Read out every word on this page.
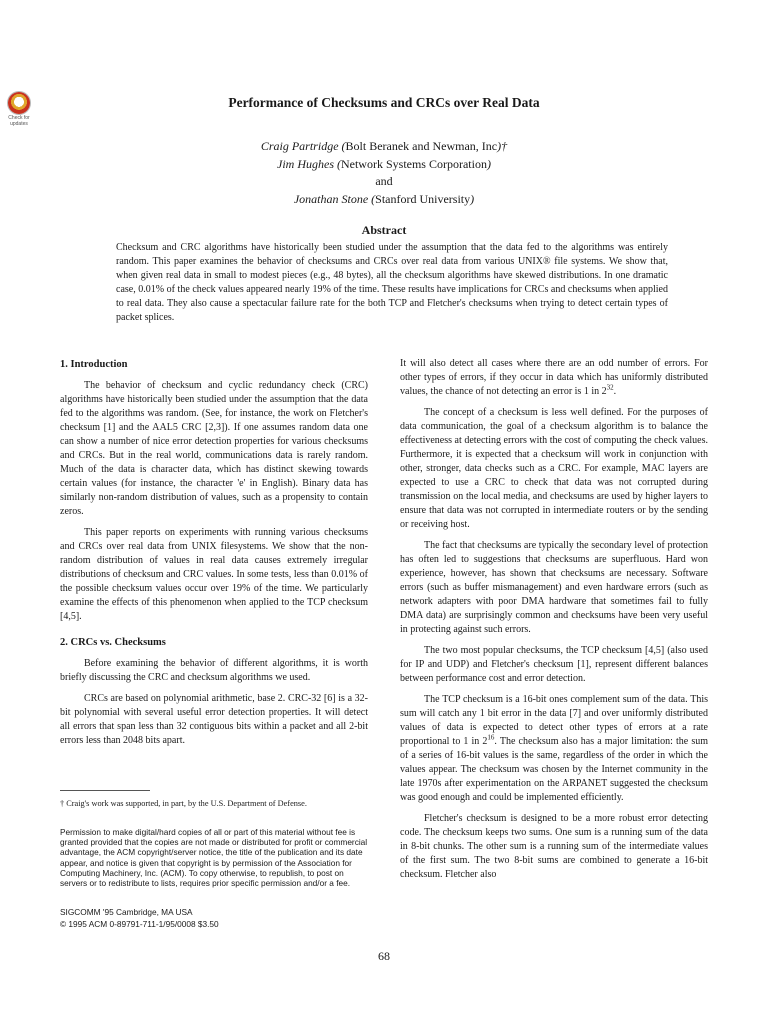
Check for
updates
Performance of Checksums and CRCs over Real Data
Craig Partridge (Bolt Beranek and Newman, Inc)†
Jim Hughes (Network Systems Corporation)
and
Jonathan Stone (Stanford University)
Abstract

Checksum and CRC algorithms have historically been studied under the assumption that the data fed to the algorithms was entirely random. This paper examines the behavior of checksums and CRCs over real data from various UNIX® file systems. We show that, when given real data in small to modest pieces (e.g., 48 bytes), all the checksum algorithms have skewed distributions. In one dramatic case, 0.01% of the check values appeared nearly 19% of the time. These results have implications for CRCs and checksums when applied to real data. They also cause a spectacular failure rate for the both TCP and Fletcher's checksums when trying to detect certain types of packet splices.

1. Introduction

The behavior of checksum and cyclic redundancy check (CRC) algorithms have historically been studied under the assumption that the data fed to the algorithms was random. (See, for instance, the work on Fletcher's checksum [1] and the AAL5 CRC [2,3]). If one assumes random data one can show a number of nice error detection properties for various checksums and CRCs. But in the real world, communications data is rarely random. Much of the data is character data, which has distinct skewing towards certain values (for instance, the character 'e' in English). Binary data has similarly non-random distribution of values, such as a propensity to contain zeros.

This paper reports on experiments with running various checksums and CRCs over real data from UNIX filesystems. We show that the non-random distribution of values in real data causes extremely irregular distributions of checksum and CRC values. In some tests, less than 0.01% of the possible checksum values occur over 19% of the time. We particularly examine the effects of this phenomenon when applied to the TCP checksum [4,5].

2. CRCs vs. Checksums

Before examining the behavior of different algorithms, it is worth briefly discussing the CRC and checksum algorithms we used.

CRCs are based on polynomial arithmetic, base 2. CRC-32 [6] is a 32-bit polynomial with several useful error detection properties. It will detect all errors that span less than 32 contiguous bits within a packet and all 2-bit errors less than 2048 bits apart.

† Craig's work was supported, in part, by the U.S. Department of Defense.
Permission to make digital/hard copies of all or part of this material without fee is granted provided that the copies are not made or distributed for profit or commercial advantage, the ACM copyright/server notice, the title of the publication and its date appear, and notice is given that copyright is by permission of the Association for Computing Machinery, Inc. (ACM). To copy otherwise, to republish, to post on servers or to redistribute to lists, requires prior specific permission and/or a fee.
SIGCOMM '95 Cambridge, MA USA
© 1995 ACM 0-89791-711-1/95/0008 $3.50

It will also detect all cases where there are an odd number of errors. For other types of errors, if they occur in data which has uniformly distributed values, the chance of not detecting an error is 1 in $2^{32}$.

The concept of a checksum is less well defined. For the purposes of data communication, the goal of a checksum algorithm is to balance the effectiveness at detecting errors with the cost of computing the check values. Furthermore, it is expected that a checksum will work in conjunction with other, stronger, data checks such as a CRC. For example, MAC layers are expected to use a CRC to check that data was not corrupted during transmission on the local media, and checksums are used by higher layers to ensure that data was not corrupted in intermediate routers or by the sending or receiving host.

The fact that checksums are typically the secondary level of protection has often led to suggestions that checksums are superfluous. Hard won experience, however, has shown that checksums are necessary. Software errors (such as buffer mismanagement) and even hardware errors (such as network adapters with poor DMA hardware that sometimes fail to fully DMA data) are surprisingly common and checksums have been very useful in protecting against such errors.

The two most popular checksums, the TCP checksum [4,5] (also used for IP and UDP) and Fletcher's checksum [1], represent different balances between performance cost and error detection.

The TCP checksum is a 16-bit ones complement sum of the data. This sum will catch any 1 bit error in the data [7] and over uniformly distributed values of data is expected to detect other types of errors at a rate proportional to 1 in $2^{16}$. The checksum also has a major limitation: the sum of a series of 16-bit values is the same, regardless of the order in which the values appear. The checksum was chosen by the Internet community in the late 1970s after experimentation on the ARPANET suggested the checksum was good enough and could be implemented efficiently.

Fletcher's checksum is designed to be a more robust error detecting code. The checksum keeps two sums. One sum is a running sum of the data in 8-bit chunks. The other sum is a running sum of the intermediate values of the first sum. The two 8-bit sums are combined to generate a 16-bit checksum. Fletcher also

68
